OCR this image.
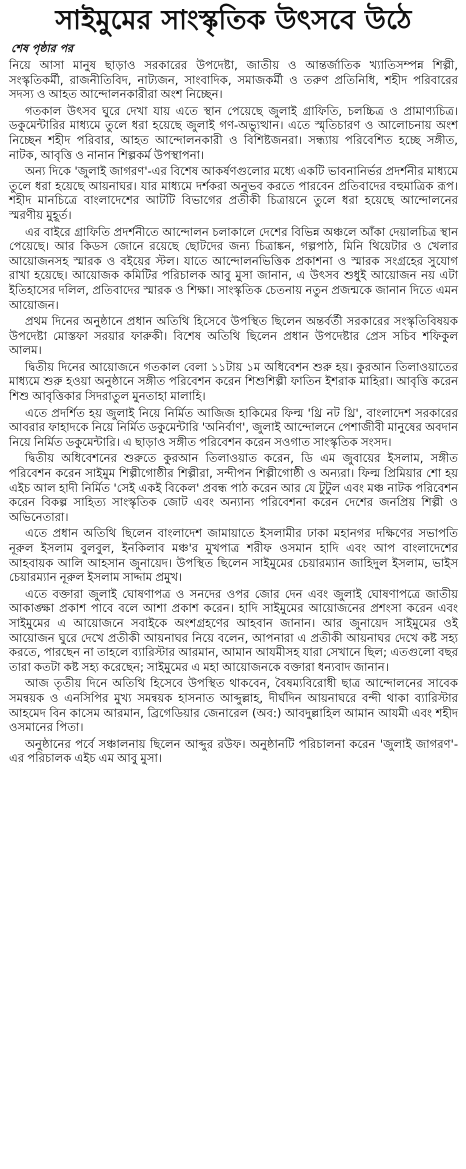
সাইমুমের সাংস্কৃতিক উৎসবে উঠে
শেষ পৃষ্ঠার পর

নিয়ে আসা মানুষ ছাড়াও সরকারের উপদেষ্টা, জাতীয় ও আন্তর্জাতিক খ্যাতিসম্পন্ন শিল্পী, সংস্কৃতিকর্মী, রাজনীতিবিদ, নাট্যজন, সাংবাদিক, সমাজকর্মী ও তরুণ প্রতিনিধি, শহীদ পরিবারের সদস্য ও আহত আন্দোলনকারীরা অংশ নিচ্ছেন।

গতকাল উৎসব ঘুরে দেখা যায় এতে স্থান পেয়েছে জুলাই গ্রাফিতি, চলচ্চিত্র ও প্রামাণ্যচিত্র। ডকুমেন্টারির মাধ্যমে তুলে ধরা হয়েছে জুলাই গণ-অভ্যুত্থান। এতে স্মৃতিচারণ ও আলোচনায় অংশ নিচ্ছেন শহীদ পরিবার, আহত আন্দোলনকারী ও বিশিষ্টজনরা। সন্ধ্যায় পরিবেশিত হচ্ছে সঙ্গীত, নাটক, আবৃত্তি ও নানান শিল্পকর্ম উপস্থাপনা।

অন্য দিকে 'জুলাই জাগরণ'-এর বিশেষ আকর্ষণগুলোর মধ্যে একটি ভাবনানির্ভর প্রদর্শনীর মাধ্যমে তুলে ধরা হয়েছে আয়নাঘর। যার মাধ্যমে দর্শকরা অনুভব করতে পারবেন প্রতিবাদের বহুমাত্রিক রূপ। শহীদ মানচিত্রে বাংলাদেশের আটটি বিভাগের প্রতীকী চিত্রায়নে তুলে ধরা হয়েছে আন্দোলনের স্মরণীয় মুহূর্ত।

এর বাইরে গ্রাফিতি প্রদর্শনীতে আন্দোলন চলাকালে দেশের বিভিন্ন অঞ্চলে আঁকা দেয়ালচিত্র স্থান পেয়েছে। আর কিডস জোনে রয়েছে ছোটদের জন্য চিত্রাঙ্কন, গল্পপাঠ, মিনি থিয়েটার ও খেলার আয়োজনসহ স্মারক ও বইয়ের স্টল। যাতে আন্দোলনভিত্তিক প্রকাশনা ও স্মারক সংগ্রহের সুযোগ রাখা হয়েছে। আয়োজক কমিটির পরিচালক আবু মুসা জানান, এ উৎসব শুধুই আয়োজন নয় এটা ইতিহাসের দলিল, প্রতিবাদের স্মারক ও শিক্ষা। সাংস্কৃতিক চেতনায় নতুন প্রজন্মকে জানান দিতে এমন আয়োজন।

প্রথম দিনের অনুষ্ঠানে প্রধান অতিথি হিসেবে উপস্থিত ছিলেন অন্তর্বর্তী সরকারের সংস্কৃতিবিষয়ক উপদেষ্টা মোস্তফা সরয়ার ফারুকী। বিশেষ অতিথি ছিলেন প্রধান উপদেষ্টার প্রেস সচিব শফিকুল আলম।

দ্বিতীয় দিনের আয়োজনে গতকাল বেলা ১১টায় ১ম অধিবেশন শুরু হয়। কুরআন তিলাওয়াতের মাধ্যমে শুরু হওয়া অনুষ্ঠানে সঙ্গীত পরিবেশন করেন শিশুশিল্পী ফাতিন ইশরাক মাহিরা। আবৃত্তি করেন শিশু আবৃত্তিকার সিদরাতুল মুনতাহা মালাহি।

এতে প্রদর্শিত হয় জুলাই নিয়ে নির্মিত আজিজ হাকিমের ফিল্ম 'থ্রি নট থ্রি', বাংলাদেশ সরকারের আবরার ফাহাদকে নিয়ে নির্মিত ডকুমেন্টারি 'অনির্বাণ', জুলাই আন্দোলনে পেশাজীবী মানুষের অবদান নিয়ে নির্মিত ডকুমেন্টারি। এ ছাড়াও সঙ্গীত পরিবেশন করেন সওগাত সাংস্কৃতিক সংসদ।

দ্বিতীয় অধিবেশনের শুরুতে কুরআন তিলাওয়াত করেন, ডি এম জুবায়ের ইসলাম, সঙ্গীত পরিবেশন করেন সাইমুম শিল্পীগোষ্ঠীর শিল্পীরা, সন্দীপন শিল্পীগোষ্ঠী ও অন্যরা। ফিল্ম প্রিমিয়ার শো হয় এইচ আল হাদী নির্মিত 'সেই একই বিকেল' প্রবন্ধ পাঠ করেন আর যে টুটুল এবং মঞ্চ নাটক পরিবেশন করেন বিকল্প সাহিত্য সাংস্কৃতিক জোট এবং অন্যান্য পরিবেশনা করেন দেশের জনপ্রিয় শিল্পী ও অভিনেতারা।

এতে প্রধান অতিথি ছিলেন বাংলাদেশ জামায়াতে ইসলামীর ঢাকা মহানগর দক্ষিণের সভাপতি নূরুল ইসলাম বুলবুল, ইনকিলাব মঞ্চ'র মুখপাত্র শরীফ ওসমান হাদি এবং আপ বাংলাদেশের আহবায়ক আলি আহসান জুনায়েদ। উপস্থিত ছিলেন সাইমুমের চেয়ারম্যান জাহিদুল ইসলাম, ভাইস চেয়ারম্যান নূরুল ইসলাম সাদ্দাম প্রমুখ।

এতে বক্তারা জুলাই ঘোষণাপত্র ও সনদের ওপর জোর দেন এবং জুলাই ঘোষণাপত্রে জাতীয় আকাঙ্ক্ষা প্রকাশ পাবে বলে আশা প্রকাশ করেন। হাদি সাইমুমের আয়োজনের প্রশংসা করেন এবং সাইমুমের এ আয়োজনে সবাইকে অংশগ্রহণের আহবান জানান। আর জুনায়েদ সাইমুমের ওই আয়োজন ঘুরে দেখে প্রতীকী আয়নাঘর নিয়ে বলেন, আপনারা এ প্রতীকী আয়নাঘর দেখে কষ্ট সহ্য করতে, পারছেন না তাহলে ব্যারিস্টার আরমান, আমান আযমীসহ যারা সেখানে ছিল; এতগুলো বছর তারা কতটা কষ্ট সহ্য করেছেন; সাইমুমের এ মহা আয়োজনকে বক্তারা ধন্যবাদ জানান।

আজ তৃতীয় দিনে অতিথি হিসেবে উপস্থিত থাকবেন, বৈষম্যবিরোধী ছাত্র আন্দোলনের সাবেক সমন্বয়ক ও এনসিপির মুখ্য সমন্বয়ক হাসনাত আব্দুল্লাহ, দীর্ঘদিন আয়নাঘরে বন্দী থাকা ব্যারিস্টার আহমেদ বিন কাসেম আরমান, ব্রিগেডিয়ার জেনারেল (অব:) আবদুল্লাহিল আমান আযমী এবং শহীদ ওসমানের পিতা।

অনুষ্ঠানের পর্বে সঞ্চালনায় ছিলেন আব্দুর রউফ। অনুষ্ঠানটি পরিচালনা করেন 'জুলাই জাগরণ'-এর পরিচালক এইচ এম আবু মুসা।
